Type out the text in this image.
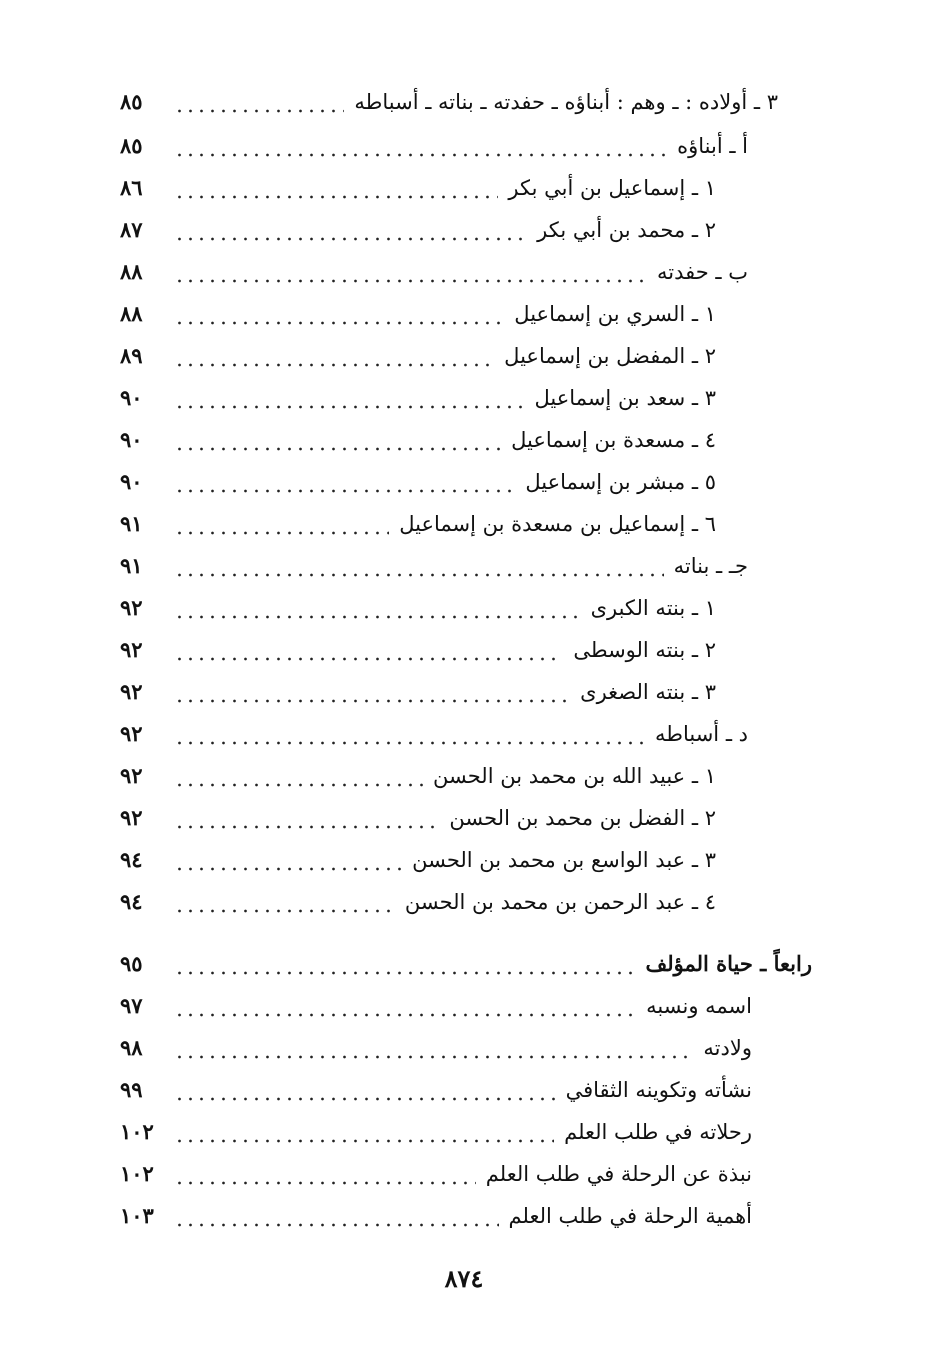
٣ ـ أولاده : ـ وهم : أبناؤه ـ حفدته ـ بناته ـ أسباطه
٨٥
أ ـ أبناؤه
٨٥
١ ـ إسماعيل بن أبي بكر
٨٦
٢ ـ محمد بن أبي بكر
٨٧
ب ـ حفدته
٨٨
١ ـ السري بن إسماعيل
٨٨
٢ ـ المفضل بن إسماعيل
٨٩
٣ ـ سعد بن إسماعيل
٩٠
٤ ـ مسعدة بن إسماعيل
٩٠
٥ ـ مبشر بن إسماعيل
٩٠
٦ ـ إسماعيل بن مسعدة بن إسماعيل
٩١
جـ ـ بناته
٩١
١ ـ بنته الكبرى
٩٢
٢ ـ بنته الوسطى
٩٢
٣ ـ بنته الصغرى
٩٢
د ـ أسباطه
٩٢
١ ـ عبيد الله بن محمد بن الحسن
٩٢
٢ ـ الفضل بن محمد بن الحسن
٩٢
٣ ـ عبد الواسع بن محمد بن الحسن
٩٤
٤ ـ عبد الرحمن بن محمد بن الحسن
٩٤
رابعاً ـ حياة المؤلف
٩٥
اسمه ونسبه
٩٧
ولادته
٩٨
نشأته وتكوينه الثقافي
٩٩
رحلاته في طلب العلم
١٠٢
نبذة عن الرحلة في طلب العلم
١٠٢
أهمية الرحلة في طلب العلم
١٠٣
٨٧٤
